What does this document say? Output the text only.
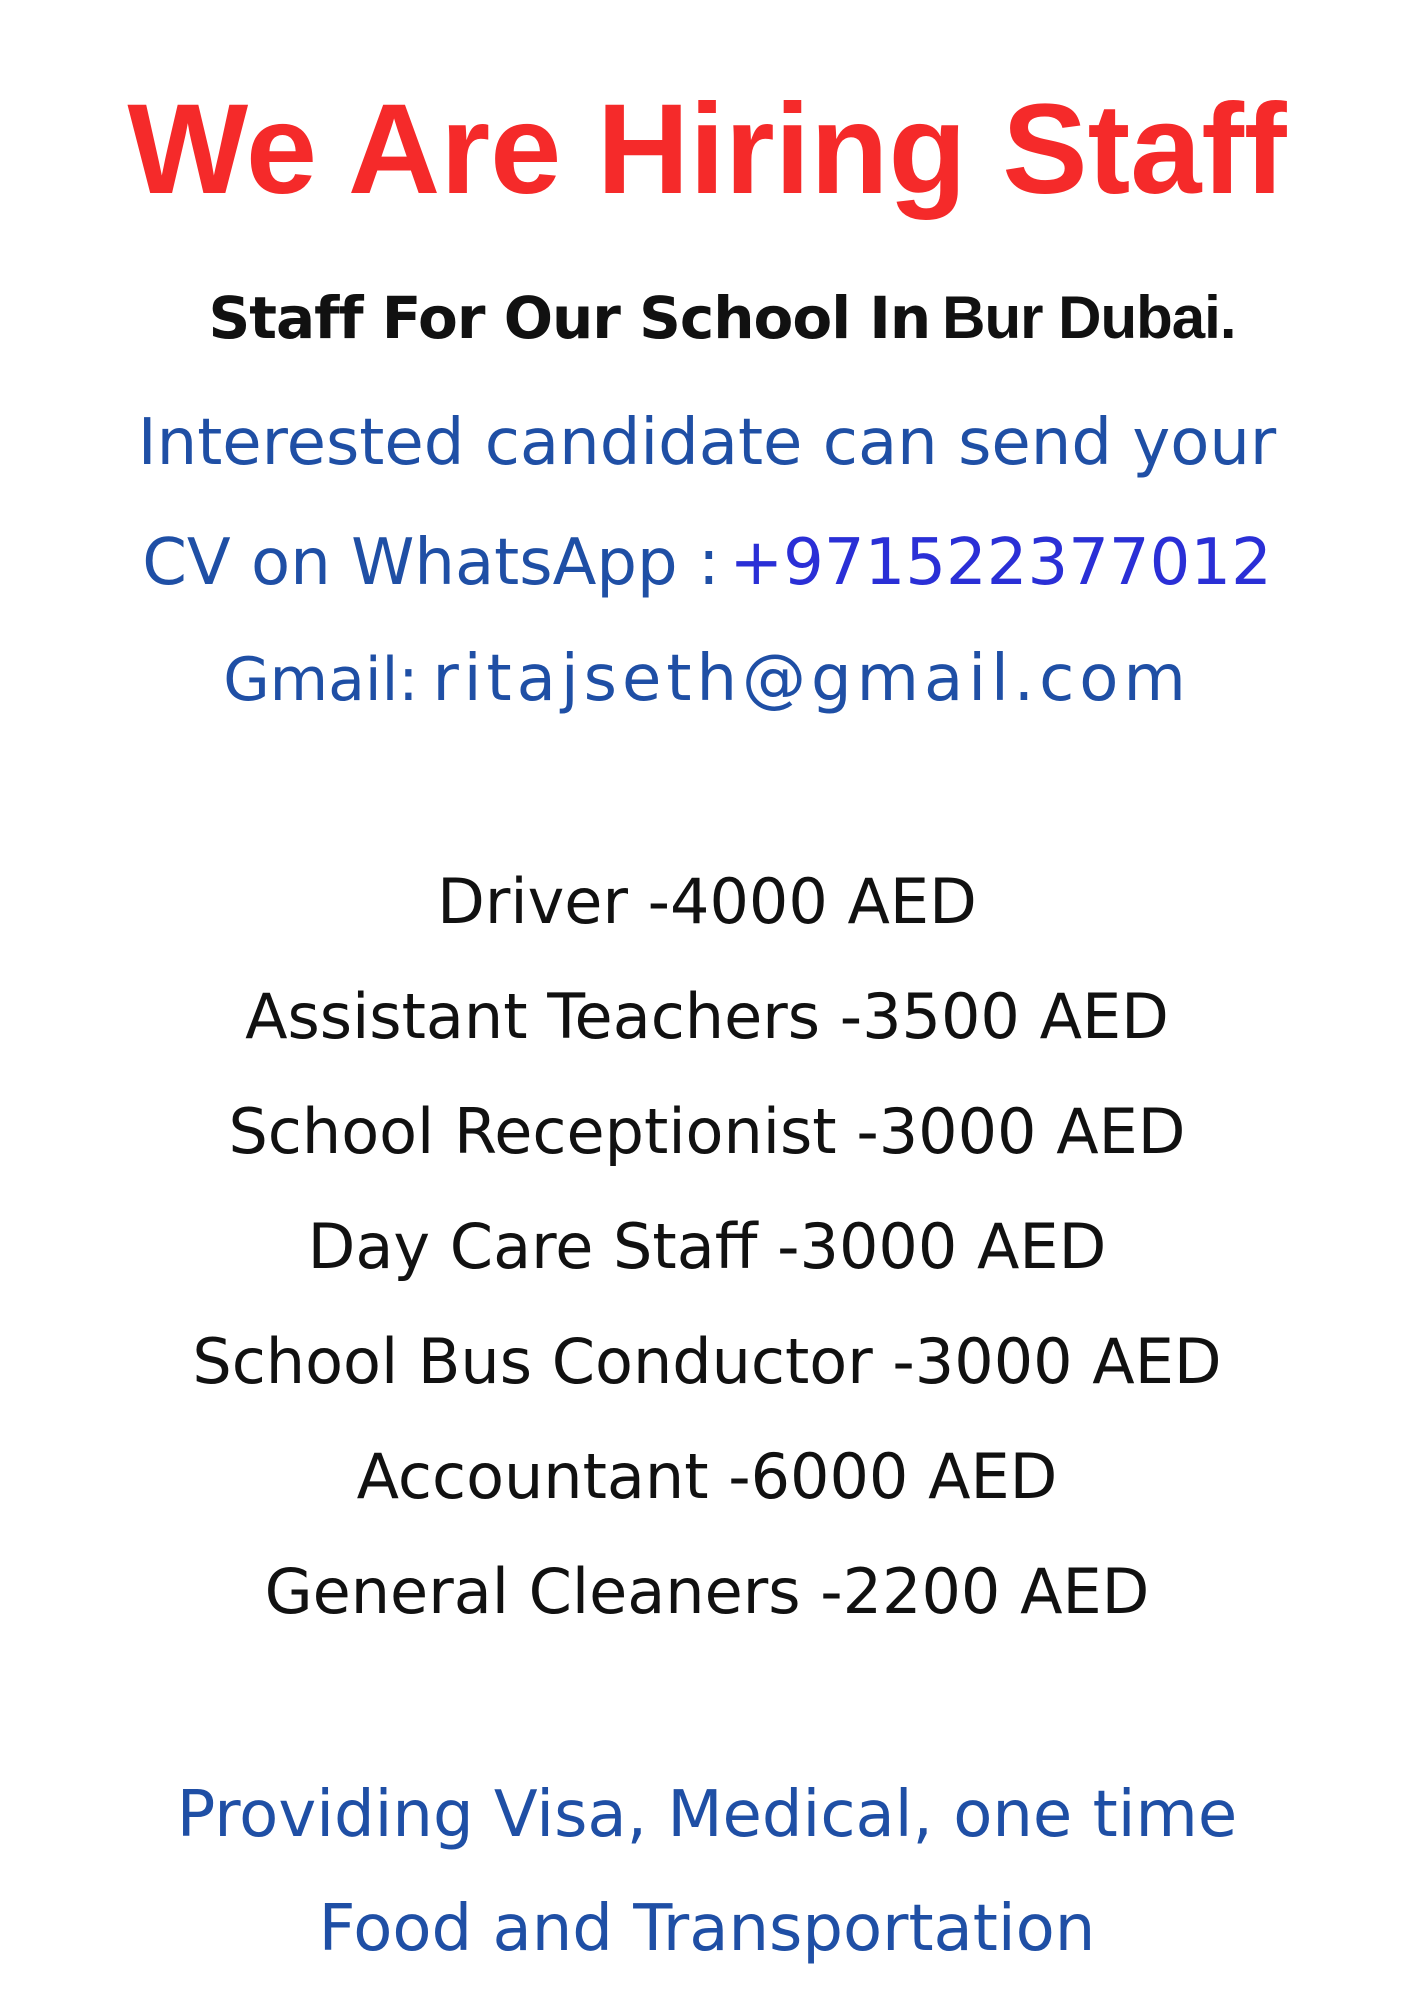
We Are Hiring Staff
Staff For Our School In Bur Dubai.
Interested candidate can send your
CV on WhatsApp : +971522377012
Gmail: ritajseth@gmail.com
Driver -4000 AED
Assistant Teachers -3500 AED
School Receptionist -3000 AED
Day Care Staff -3000 AED
School Bus Conductor -3000 AED
Accountant -6000 AED
General Cleaners -2200 AED
Providing Visa, Medical, one time
Food and Transportation
